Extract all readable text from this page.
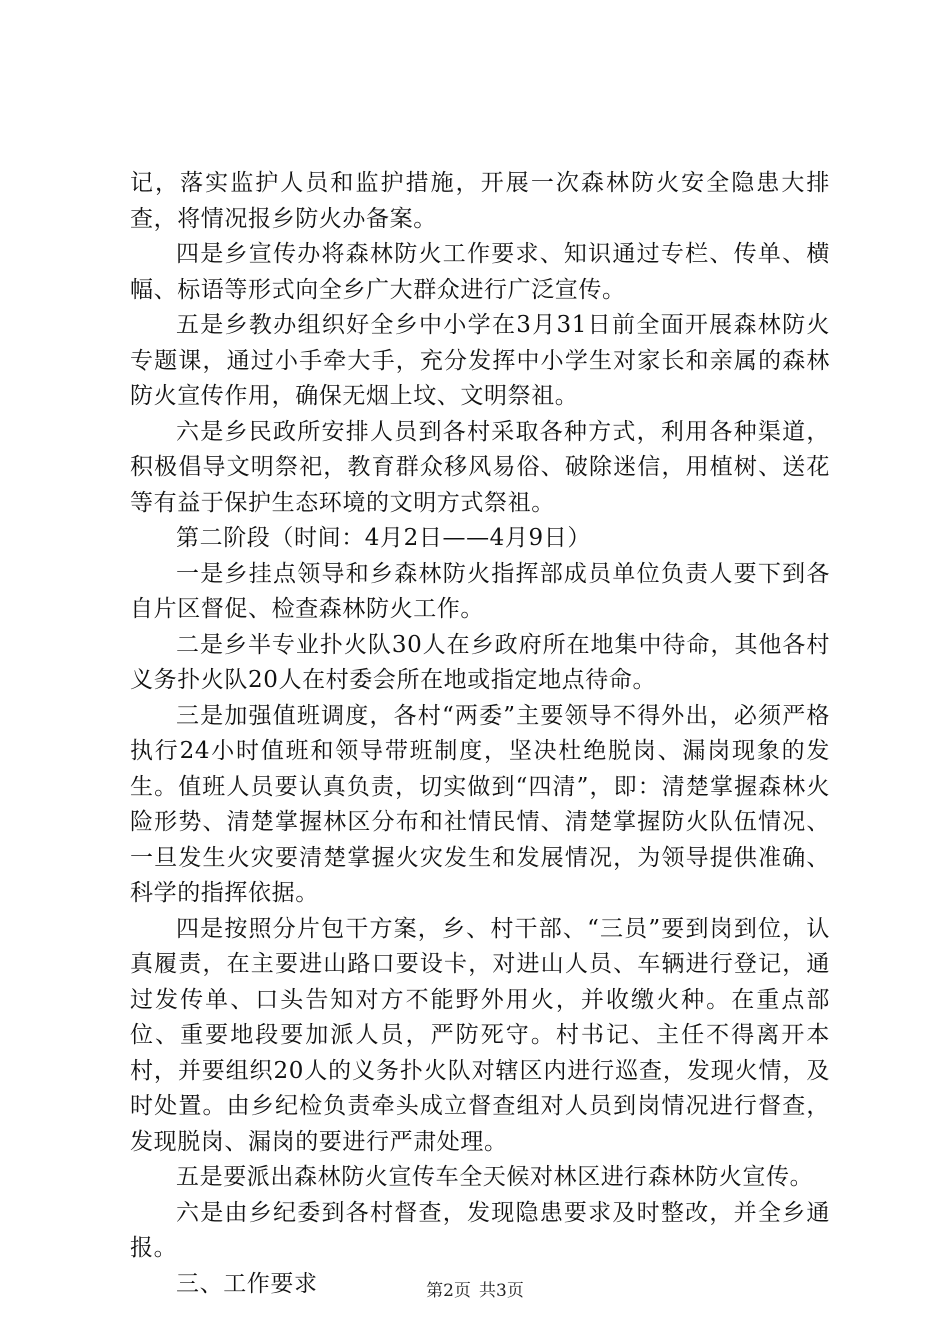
记，落实监护人员和监护措施，开展一次森林防火安全隐患大排查，将情况报乡防火办备案。

四是乡宣传办将森林防火工作要求、知识通过专栏、传单、横幅、标语等形式向全乡广大群众进行广泛宣传。

五是乡教办组织好全乡中小学在3月31日前全面开展森林防火专题课，通过小手牵大手，充分发挥中小学生对家长和亲属的森林防火宣传作用，确保无烟上坟、文明祭祖。

六是乡民政所安排人员到各村采取各种方式，利用各种渠道，积极倡导文明祭祀，教育群众移风易俗、破除迷信，用植树、送花等有益于保护生态环境的文明方式祭祖。

第二阶段（时间：4月2日——4月9日）

一是乡挂点领导和乡森林防火指挥部成员单位负责人要下到各自片区督促、检查森林防火工作。

二是乡半专业扑火队30人在乡政府所在地集中待命，其他各村义务扑火队20人在村委会所在地或指定地点待命。

三是加强值班调度，各村“两委”主要领导不得外出，必须严格执行24小时值班和领导带班制度，坚决杜绝脱岗、漏岗现象的发生。值班人员要认真负责，切实做到“四清”，即：清楚掌握森林火险形势、清楚掌握林区分布和社情民情、清楚掌握防火队伍情况、一旦发生火灾要清楚掌握火灾发生和发展情况，为领导提供准确、科学的指挥依据。

四是按照分片包干方案，乡、村干部、“三员”要到岗到位，认真履责，在主要进山路口要设卡，对进山人员、车辆进行登记，通过发传单、口头告知对方不能野外用火，并收缴火种。在重点部位、重要地段要加派人员，严防死守。村书记、主任不得离开本村，并要组织20人的义务扑火队对辖区内进行巡查，发现火情，及时处置。由乡纪检负责牵头成立督查组对人员到岗情况进行督查，发现脱岗、漏岗的要进行严肃处理。

五是要派出森林防火宣传车全天候对林区进行森林防火宣传。

六是由乡纪委到各村督查，发现隐患要求及时整改，并全乡通报。

三、工作要求	第2页 共3页
